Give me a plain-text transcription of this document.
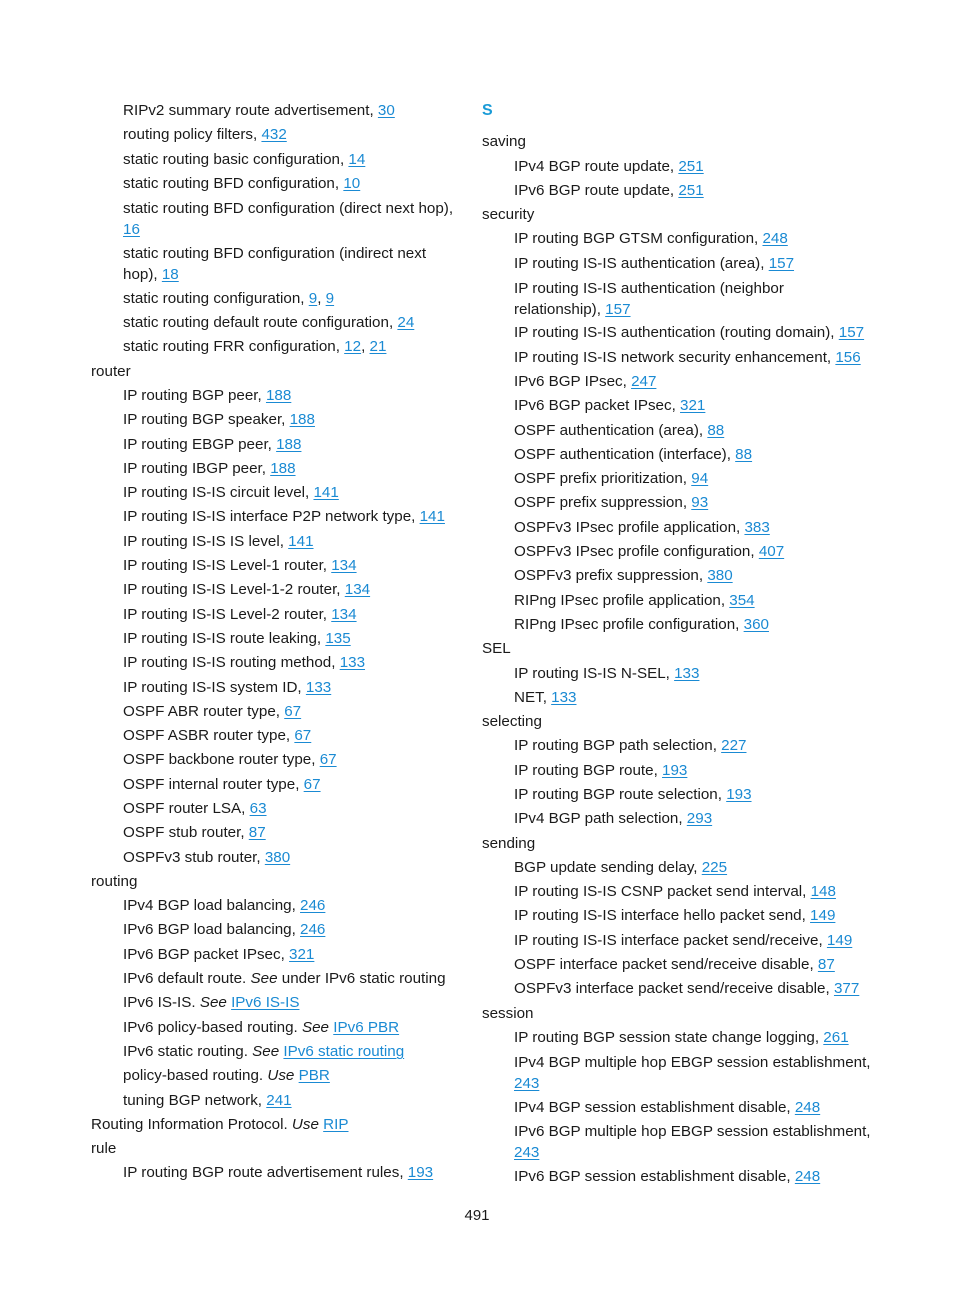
RIPv2 summary route advertisement, 30

routing policy filters, 432

static routing basic configuration, 14

static routing BFD configuration, 10

static routing BFD configuration (direct next hop), 16

static routing BFD configuration (indirect next hop), 18

static routing configuration, 9, 9

static routing default route configuration, 24

static routing FRR configuration, 12, 21

router

IP routing BGP peer, 188

IP routing BGP speaker, 188

IP routing EBGP peer, 188

IP routing IBGP peer, 188

IP routing IS-IS circuit level, 141

IP routing IS-IS interface P2P network type, 141

IP routing IS-IS IS level, 141

IP routing IS-IS Level-1 router, 134

IP routing IS-IS Level-1-2 router, 134

IP routing IS-IS Level-2 router, 134

IP routing IS-IS route leaking, 135

IP routing IS-IS routing method, 133

IP routing IS-IS system ID, 133

OSPF ABR router type, 67

OSPF ASBR router type, 67

OSPF backbone router type, 67

OSPF internal router type, 67

OSPF router LSA, 63

OSPF stub router, 87

OSPFv3 stub router, 380

routing

IPv4 BGP load balancing, 246

IPv6 BGP load balancing, 246

IPv6 BGP packet IPsec, 321

IPv6 default route. See under IPv6 static routing

IPv6 IS-IS. See IPv6 IS-IS

IPv6 policy-based routing. See IPv6 PBR

IPv6 static routing. See IPv6 static routing

policy-based routing. Use PBR

tuning BGP network, 241

Routing Information Protocol. Use RIP

rule

IP routing BGP route advertisement rules, 193

S

saving

IPv4 BGP route update, 251

IPv6 BGP route update, 251

security

IP routing BGP GTSM configuration, 248

IP routing IS-IS authentication (area), 157

IP routing IS-IS authentication (neighbor relationship), 157

IP routing IS-IS authentication (routing domain), 157

IP routing IS-IS network security enhancement, 156

IPv6 BGP IPsec, 247

IPv6 BGP packet IPsec, 321

OSPF authentication (area), 88

OSPF authentication (interface), 88

OSPF prefix prioritization, 94

OSPF prefix suppression, 93

OSPFv3 IPsec profile application, 383

OSPFv3 IPsec profile configuration, 407

OSPFv3 prefix suppression, 380

RIPng IPsec profile application, 354

RIPng IPsec profile configuration, 360

SEL

IP routing IS-IS N-SEL, 133

NET, 133

selecting

IP routing BGP path selection, 227

IP routing BGP route, 193

IP routing BGP route selection, 193

IPv4 BGP path selection, 293

sending

BGP update sending delay, 225

IP routing IS-IS CSNP packet send interval, 148

IP routing IS-IS interface hello packet send, 149

IP routing IS-IS interface packet send/receive, 149

OSPF interface packet send/receive disable, 87

OSPFv3 interface packet send/receive disable, 377

session

IP routing BGP session state change logging, 261

IPv4 BGP multiple hop EBGP session establishment, 243

IPv4 BGP session establishment disable, 248

IPv6 BGP multiple hop EBGP session establishment, 243

IPv6 BGP session establishment disable, 248

491
